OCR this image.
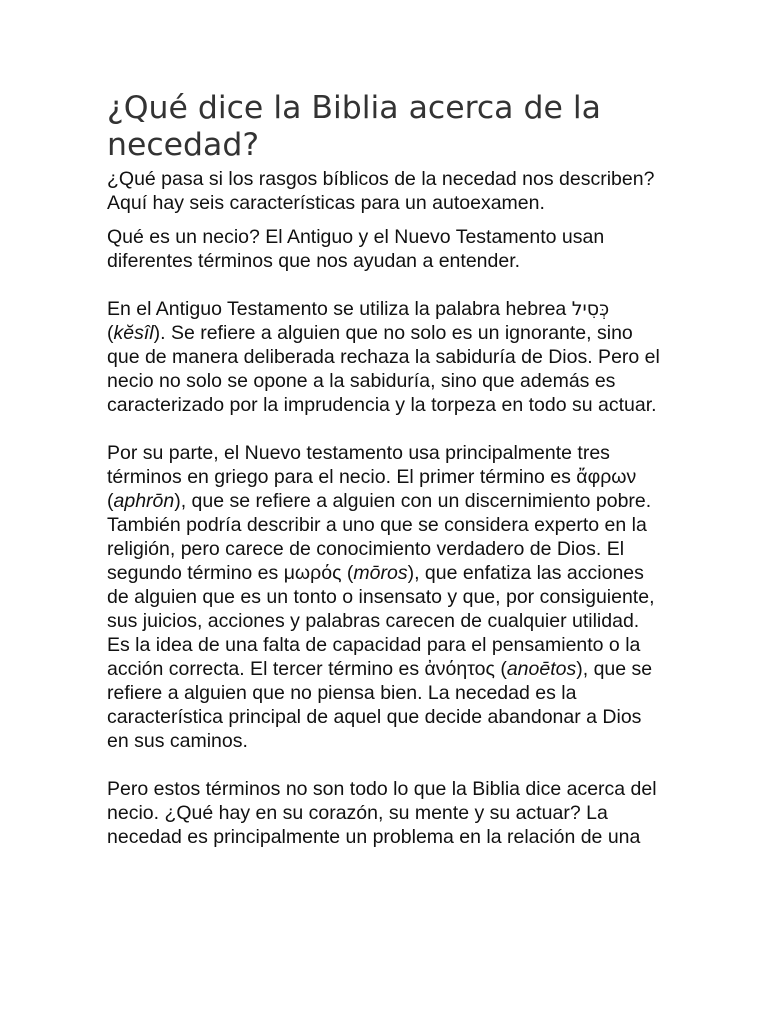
¿Qué dice la Biblia acerca de la necedad?

¿Qué pasa si los rasgos bíblicos de la necedad nos describen? Aquí hay seis características para un autoexamen.

Qué es un necio? El Antiguo y el Nuevo Testamento usan diferentes términos que nos ayudan a entender.

En el Antiguo Testamento se utiliza la palabra hebrea כְּסִיל (kĕsîl). Se refiere a alguien que no solo es un ignorante, sino que de manera deliberada rechaza la sabiduría de Dios. Pero el necio no solo se opone a la sabiduría, sino que además es caracterizado por la imprudencia y la torpeza en todo su actuar.

Por su parte, el Nuevo testamento usa principalmente tres términos en griego para el necio. El primer término es ἄφρων (aphrōn), que se refiere a alguien con un discernimiento pobre. También podría describir a uno que se considera experto en la religión, pero carece de conocimiento verdadero de Dios. El segundo término es μωρός (mōros), que enfatiza las acciones de alguien que es un tonto o insensato y que, por consiguiente, sus juicios, acciones y palabras carecen de cualquier utilidad. Es la idea de una falta de capacidad para el pensamiento o la acción correcta. El tercer término es ἀνόητος (anoētos), que se refiere a alguien que no piensa bien. La necedad es la característica principal de aquel que decide abandonar a Dios en sus caminos.

Pero estos términos no son todo lo que la Biblia dice acerca del necio. ¿Qué hay en su corazón, su mente y su actuar? La necedad es principalmente un problema en la relación de una
